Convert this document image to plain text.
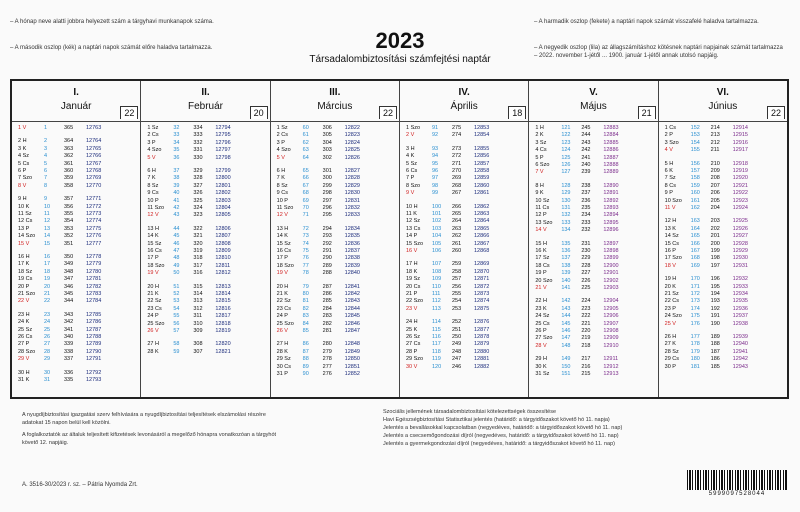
– A hónap neve alatti jobbra helyezett szám a tárgyhavi munkanapok száma.
– A második oszlop (kék) a naptári napok számát előre haladva tartalmazza.
– A harmadik oszlop (fekete) a naptári napok számát visszafelé haladva tartalmazza.
– A negyedik oszlop (lila) az állagszámításhoz kötésnek naptári napjainak számát tartalmazza – 2022. november 1-jétől ... 1900. január 1-jétől annak utolsó napjáig.
2023
Társadalombiztosítási számfejtési naptár
I.
Január
22
1 V	1	365	12763
2 H	2	364	12764
3 K	3	363	12765
4 Sz	4	362	12766
5 Cs	5	361	12767
6 P	6	360	12768
7 Szo	7	359	12769
8 V	8	358	12770
9 H	9	357	12771
10 K	10	356	12772
11 Sz	11	355	12773
12 Cs	12	354	12774
13 P	13	353	12775
14 Szo	14	352	12776
15 V	15	351	12777
16 H	16	350	12778
17 K	17	349	12779
18 Sz	18	348	12780
19 Cs	19	347	12781
20 P	20	346	12782
21 Szo	21	345	12783
22 V	22	344	12784
23 H	23	343	12785
24 K	24	342	12786
25 Sz	25	341	12787
26 Cs	26	340	12788
27 P	27	339	12789
28 Szo	28	338	12790
29 V	29	337	12791
30 H	30	336	12792
31 K	31	335	12793
II.
Február
20
1 Sz	32	334	12794
2 Cs	33	333	12795
3 P	34	332	12796
4 Szo	35	331	12797
5 V	36	330	12798
6 H	37	329	12799
7 K	38	328	12800
8 Sz	39	327	12801
9 Cs	40	326	12802
10 P	41	325	12803
11 Szo	42	324	12804
12 V	43	323	12805
13 H	44	322	12806
14 K	45	321	12807
15 Sz	46	320	12808
16 Cs	47	319	12809
17 P	48	318	12810
18 Szo	49	317	12811
19 V	50	316	12812
20 H	51	315	12813
21 K	52	314	12814
22 Sz	53	313	12815
23 Cs	54	312	12816
24 P	55	311	12817
25 Szo	56	310	12818
26 V	57	309	12819
27 H	58	308	12820
28 K	59	307	12821
III.
Március
22
1 Sz	60	306	12822
2 Cs	61	305	12823
3 P	62	304	12824
4 Szo	63	303	12825
5 V	64	302	12826
6 H	65	301	12827
7 K	66	300	12828
8 Sz	67	299	12829
9 Cs	68	298	12830
10 P	69	297	12831
11 Szo	70	296	12832
12 V	71	295	12833
13 H	72	294	12834
14 K	73	293	12835
15 Sz	74	292	12836
16 Cs	75	291	12837
17 P	76	290	12838
18 Szo	77	289	12839
19 V	78	288	12840
20 H	79	287	12841
21 K	80	286	12842
22 Sz	81	285	12843
23 Cs	82	284	12844
24 P	83	283	12845
25 Szo	84	282	12846
26 V	85	281	12847
27 H	86	280	12848
28 K	87	279	12849
29 Sz	88	278	12850
30 Cs	89	277	12851
31 P	90	276	12852
IV.
Április
18
1 Szo	91	275	12853
2 V	92	274	12854
3 H	93	273	12855
4 K	94	272	12856
5 Sz	95	271	12857
6 Cs	96	270	12858
7 P	97	269	12859
8 Szo	98	268	12860
9 V	99	267	12861
10 H	100	266	12862
11 K	101	265	12863
12 Sz	102	264	12864
13 Cs	103	263	12865
14 P	104	262	12866
15 Szo	105	261	12867
16 V	106	260	12868
17 H	107	259	12869
18 K	108	258	12870
19 Sz	109	257	12871
20 Cs	110	256	12872
21 P	111	255	12873
22 Szo	112	254	12874
23 V	113	253	12875
24 H	114	252	12876
25 K	115	251	12877
26 Sz	116	250	12878
27 Cs	117	249	12879
28 P	118	248	12880
29 Szo	119	247	12881
30 V	120	246	12882
V.
Május
21
1 H	121	245	12883
2 K	122	244	12884
3 Sz	123	243	12885
4 Cs	124	242	12886
5 P	125	241	12887
6 Szo	126	240	12888
7 V	127	239	12889
8 H	128	238	12890
9 K	129	237	12891
10 Sz	130	236	12892
11 Cs	131	235	12893
12 P	132	234	12894
13 Szo	133	233	12895
14 V	134	232	12896
15 H	135	231	12897
16 K	136	230	12898
17 Sz	137	229	12899
18 Cs	138	228	12900
19 P	139	227	12901
20 Szo	140	226	12902
21 V	141	225	12903
22 H	142	224	12904
23 K	143	223	12905
24 Sz	144	222	12906
25 Cs	145	221	12907
26 P	146	220	12908
27 Szo	147	219	12909
28 V	148	218	12910
29 H	149	217	12911
30 K	150	216	12912
31 Sz	151	215	12913
VI.
Június
22
1 Cs	152	214	12914
2 P	153	213	12915
3 Szo	154	212	12916
4 V	155	211	12917
5 H	156	210	12918
6 K	157	209	12919
7 Sz	158	208	12920
8 Cs	159	207	12921
9 P	160	206	12922
10 Szo	161	205	12923
11 V	162	204	12924
12 H	163	203	12925
13 K	164	202	12926
14 Sz	165	201	12927
15 Cs	166	200	12928
16 P	167	199	12929
17 Szo	168	198	12930
18 V	169	197	12931
19 H	170	196	12932
20 K	171	195	12933
21 Sz	172	194	12934
22 Cs	173	193	12935
23 P	174	192	12936
24 Szo	175	191	12937
25 V	176	190	12938
26 H	177	189	12939
27 K	178	188	12940
28 Sz	179	187	12941
29 Cs	180	186	12942
30 P	181	185	12943
A nyugdíjbiztosítási igazgatási szerv felhívására a nyugdíjbiztosítási teljesítések elszámolási részére adatokat 15 napon belül kell közölni.
A foglalkoztatók az általuk teljesített kifizetések levonásáról a megelőző hónapra vonatkozóan a tárgyhót követő 12. napjáig.
Szociális jellemének társadalombiztosítási kötelezettségek összesítése
Havi Egészségbiztosítási Statisztikai jelentés (határidő: a tárgyidőszakot követő hó 11. napja)
Jelentés a bevallásokkal kapcsolatban (negyedéves, határidő: a tárgyidőszakot követő hó 11. nap)
Jelentés a csecsemőgondozási díjról (negyedéves, határidő: a tárgyidőszakot követő hó 11. nap)
Jelentés a gyermekgondozási díjról (negyedéves, határidő: a tárgyidőszakot követő hó 11. nap)
A. 3516-30/2023 r. sz. – Pátria Nyomda Zrt.
5999097528044
